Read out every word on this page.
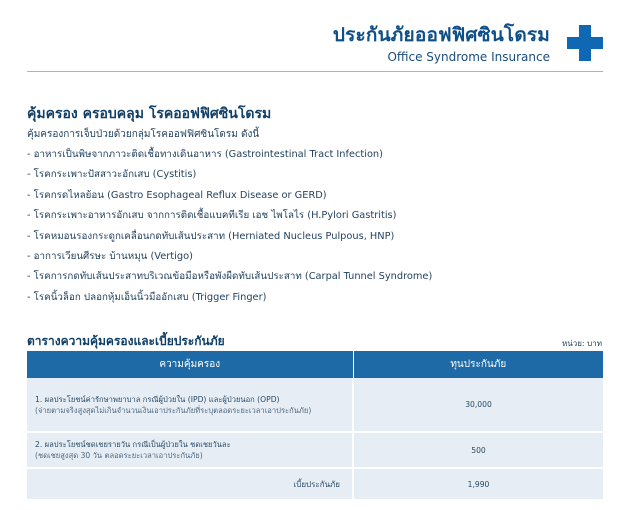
ประกันภัยออฟฟิศซินโดรม
Office Syndrome Insurance
คุ้มครอง ครอบคลุม โรคออฟฟิศซินโดรม
คุ้มครองการเจ็บป่วยด้วยกลุ่มโรคออฟฟิศซินโดรม ดังนี้
- อาหารเป็นพิษจากภาวะติดเชื้อทางเดินอาหาร (Gastrointestinal Tract Infection)
- โรคกระเพาะปัสสาวะอักเสบ (Cystitis)
- โรคกรดไหลย้อน (Gastro Esophageal Reflux Disease or GERD)
- โรคกระเพาะอาหารอักเสบ จากการติดเชื้อแบคทีเรีย เอช ไพโลไร (H.Pylori Gastritis)
- โรคหมอนรองกระดูกเคลื่อนกดทับเส้นประสาท (Herniated Nucleus Pulpous, HNP)
- อาการเวียนศีรษะ บ้านหมุน (Vertigo)
- โรคการกดทับเส้นประสาทบริเวณข้อมือหรือพังผืดทับเส้นประสาท (Carpal Tunnel Syndrome)
- โรคนิ้วล็อก ปลอกหุ้มเอ็นนิ้วมืออักเสบ (Trigger Finger)
ตารางความคุ้มครองและเบี้ยประกันภัย	หน่วย: บาท
ความคุ้มครอง	ทุนประกันภัย

1. ผลประโยชน์ค่ารักษาพยาบาล กรณีผู้ป่วยใน (IPD) และผู้ป่วยนอก (OPD)
(จ่ายตามจริงสูงสุดไม่เกินจำนวนเงินเอาประกันภัยที่ระบุตลอดระยะเวลาเอาประกันภัย)	30,000

2. ผลประโยชน์ชดเชยรายวัน กรณีเป็นผู้ป่วยใน ชดเชยวันละ
(ชดเชยสูงสุด 30 วัน ตลอดระยะเวลาเอาประกันภัย)	500

เบี้ยประกันภัย	1,990
